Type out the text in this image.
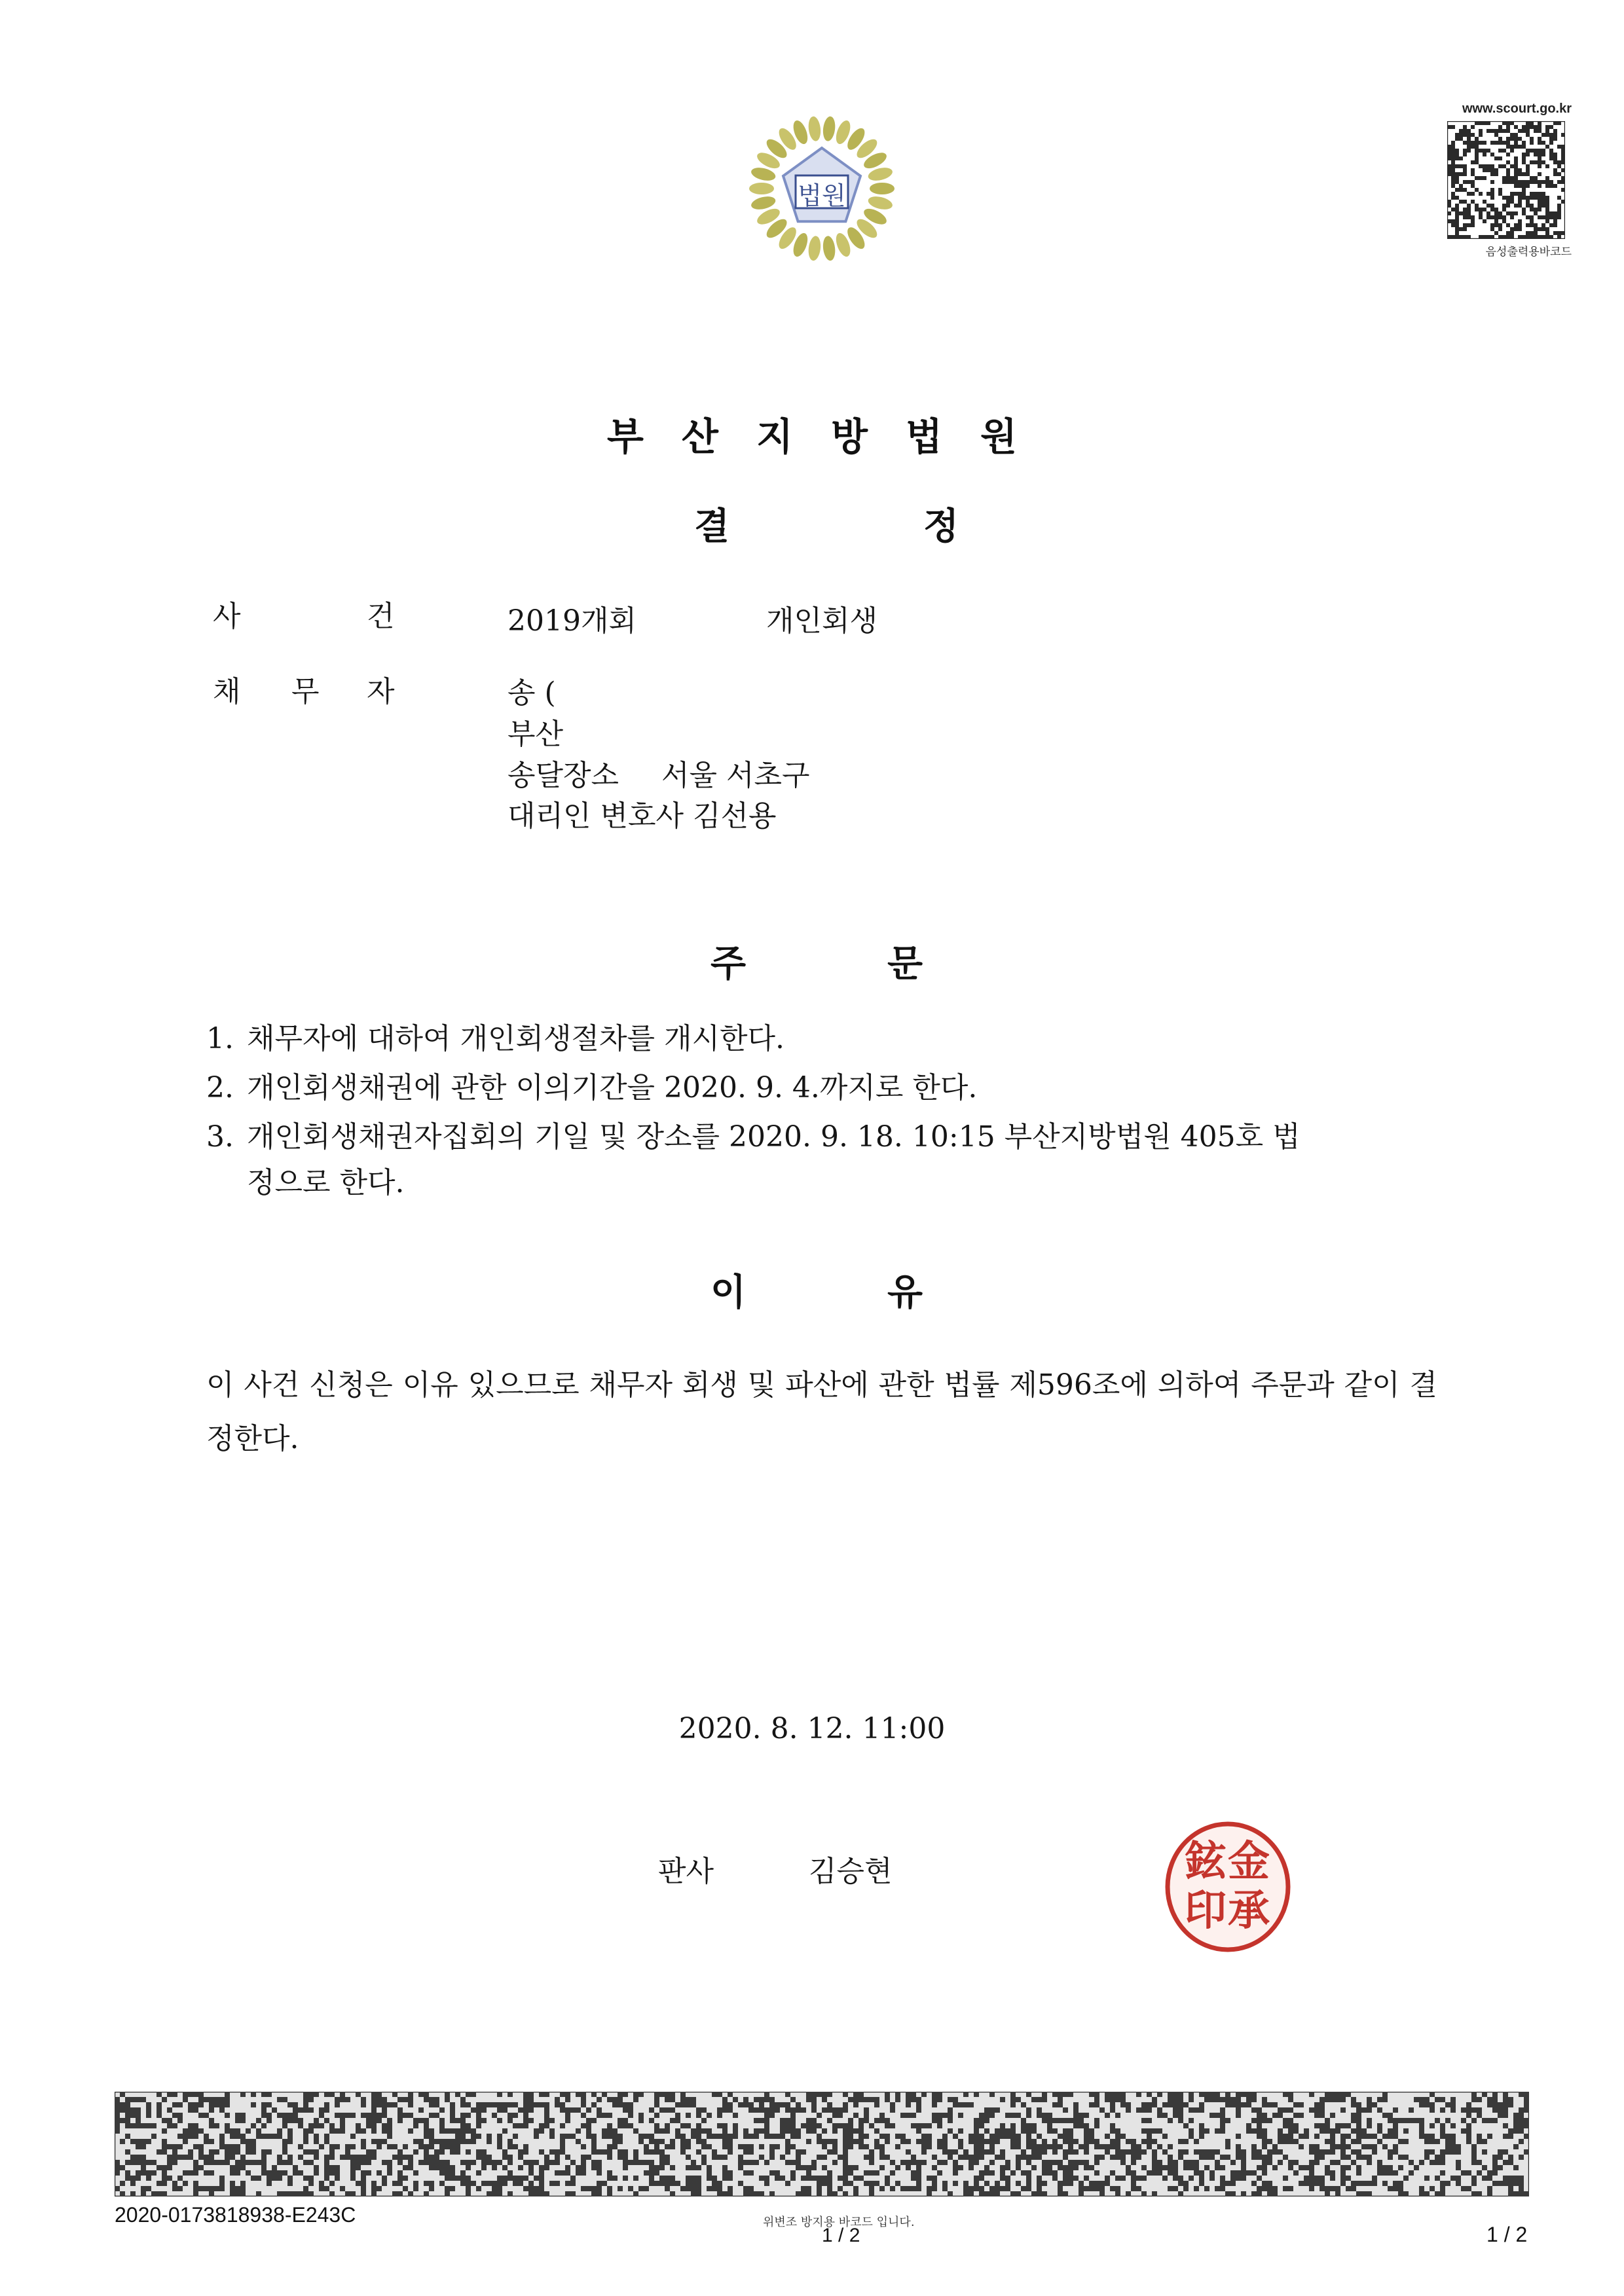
법원
www.scourt.go.kr
음성출력용바코드
부산지방법원
결	정
사	건	2019개회	개인회생
채 무 자	송 (
부산
송달장소 서울 서초구
대리인 변호사 김선용
주	문
1. 채무자에 대하여 개인회생절차를 개시한다.
2. 개인회생채권에 관한 이의기간을 2020. 9. 4.까지로 한다.
3. 개인회생채권자집회의 기일 및 장소를 2020. 9. 18. 10:15 부산지방법원 405호 법
정으로 한다.
이	유
이 사건 신청은 이유 있으므로 채무자 회생 및 파산에 관한 법률 제596조에 의하여 주문과 같이 결정한다.
2020. 8. 12. 11:00
판사	김승현	金
承
鉉
印
2020-0173818938-E243C	위변조 방지용 바코드 입니다.
1 / 2	1 / 2
